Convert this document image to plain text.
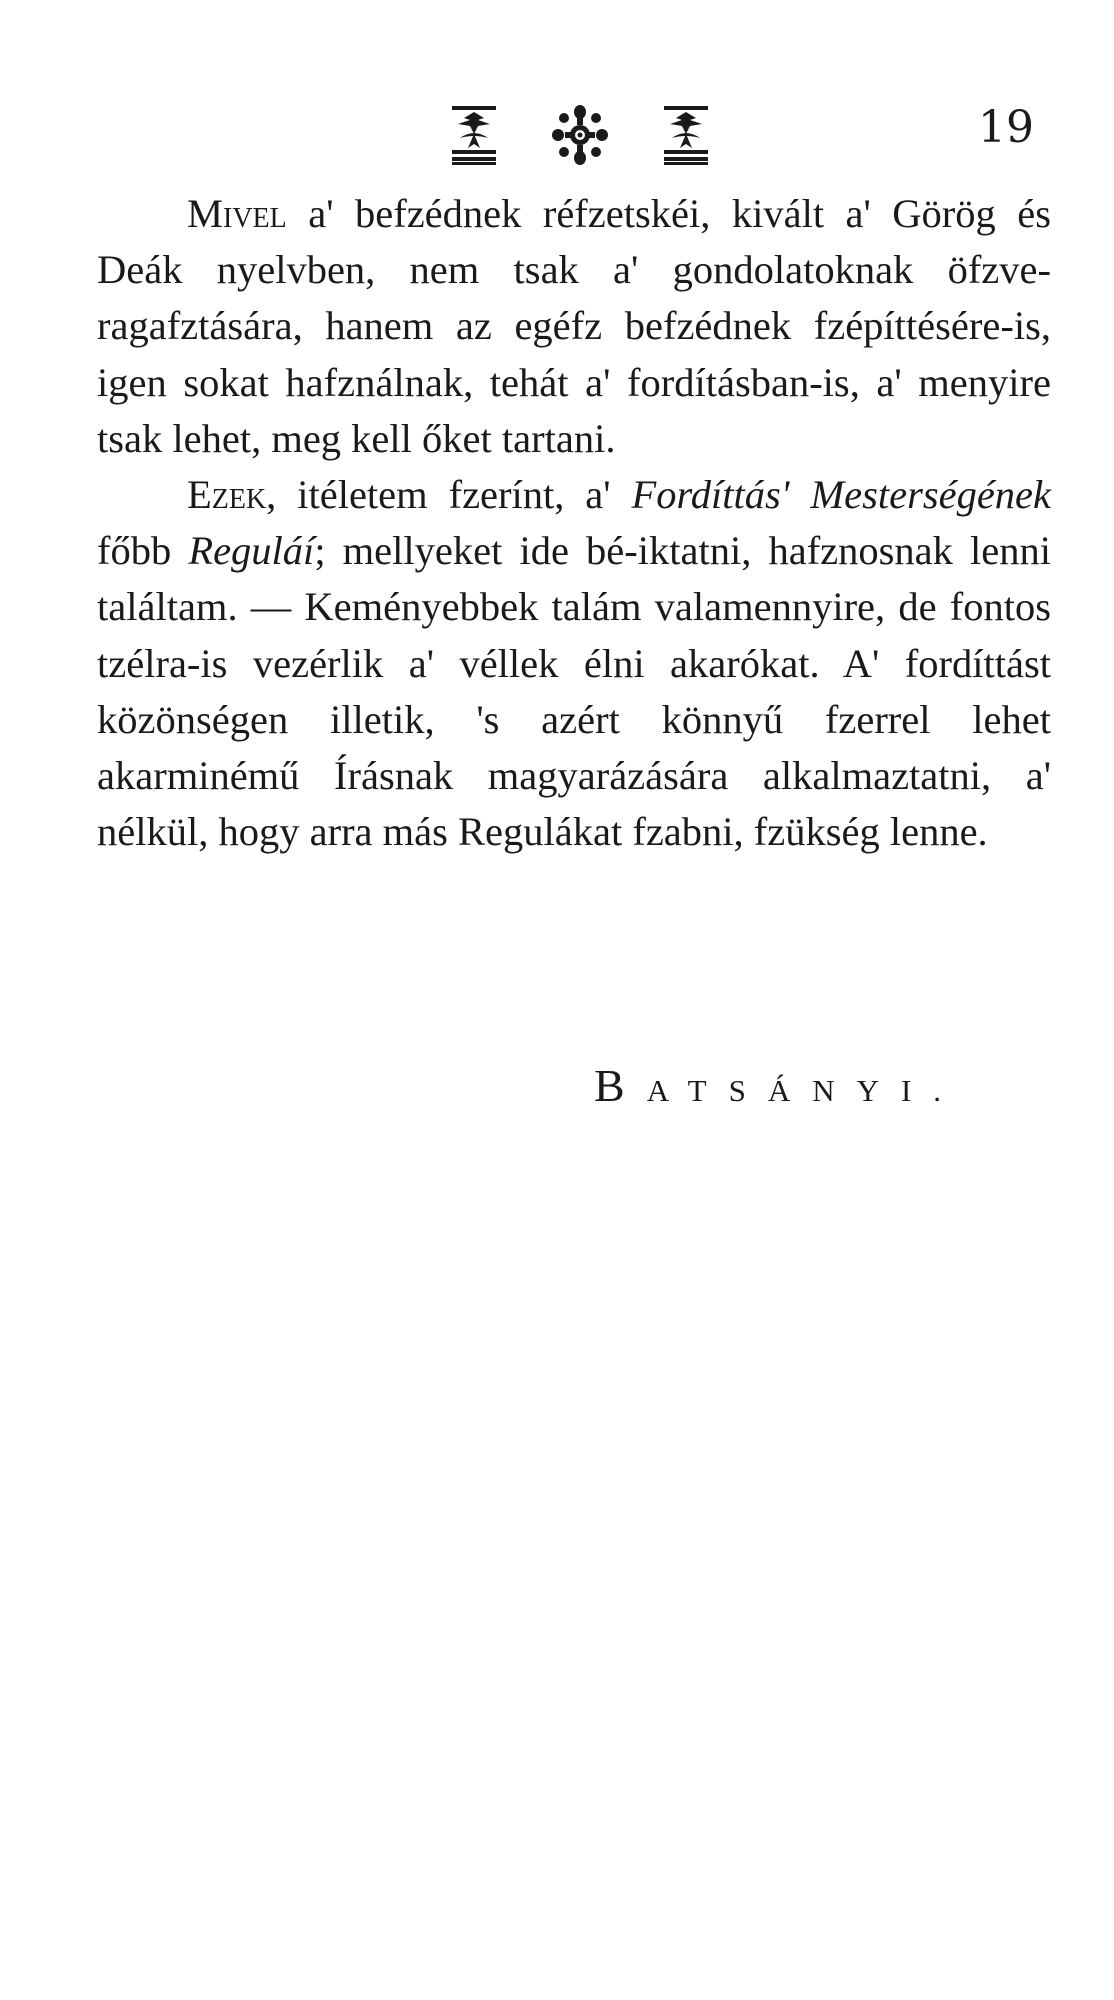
19

Mivel a' befzédnek réfzetskéi, kivált a' Görög és Deák nyelvben, nem tsak a' gondolatoknak öfzve-ragafztására, hanem az egéfz befzédnek fzépíttésére-is, igen sokat hafználnak, tehát a' fordításban-is, a' menyire tsak lehet, meg kell őket tartani.

Ezek, itéletem fzerínt, a' Fordíttás' Mesterségének főbb Reguláí; mellyeket ide bé-iktatni, hafznosnak lenni találtam. — Keményebbek talám valamennyire, de fontos tzélra-is vezérlik a' véllek élni akarókat. A' fordíttást közönségen illetik, 's azért könnyű fzerrel lehet akarminémű Írásnak magyarázására alkalmaztatni, a' nélkül, hogy arra más Regulákat fzabni, fzükség lenne.

BATSÁNYI.
